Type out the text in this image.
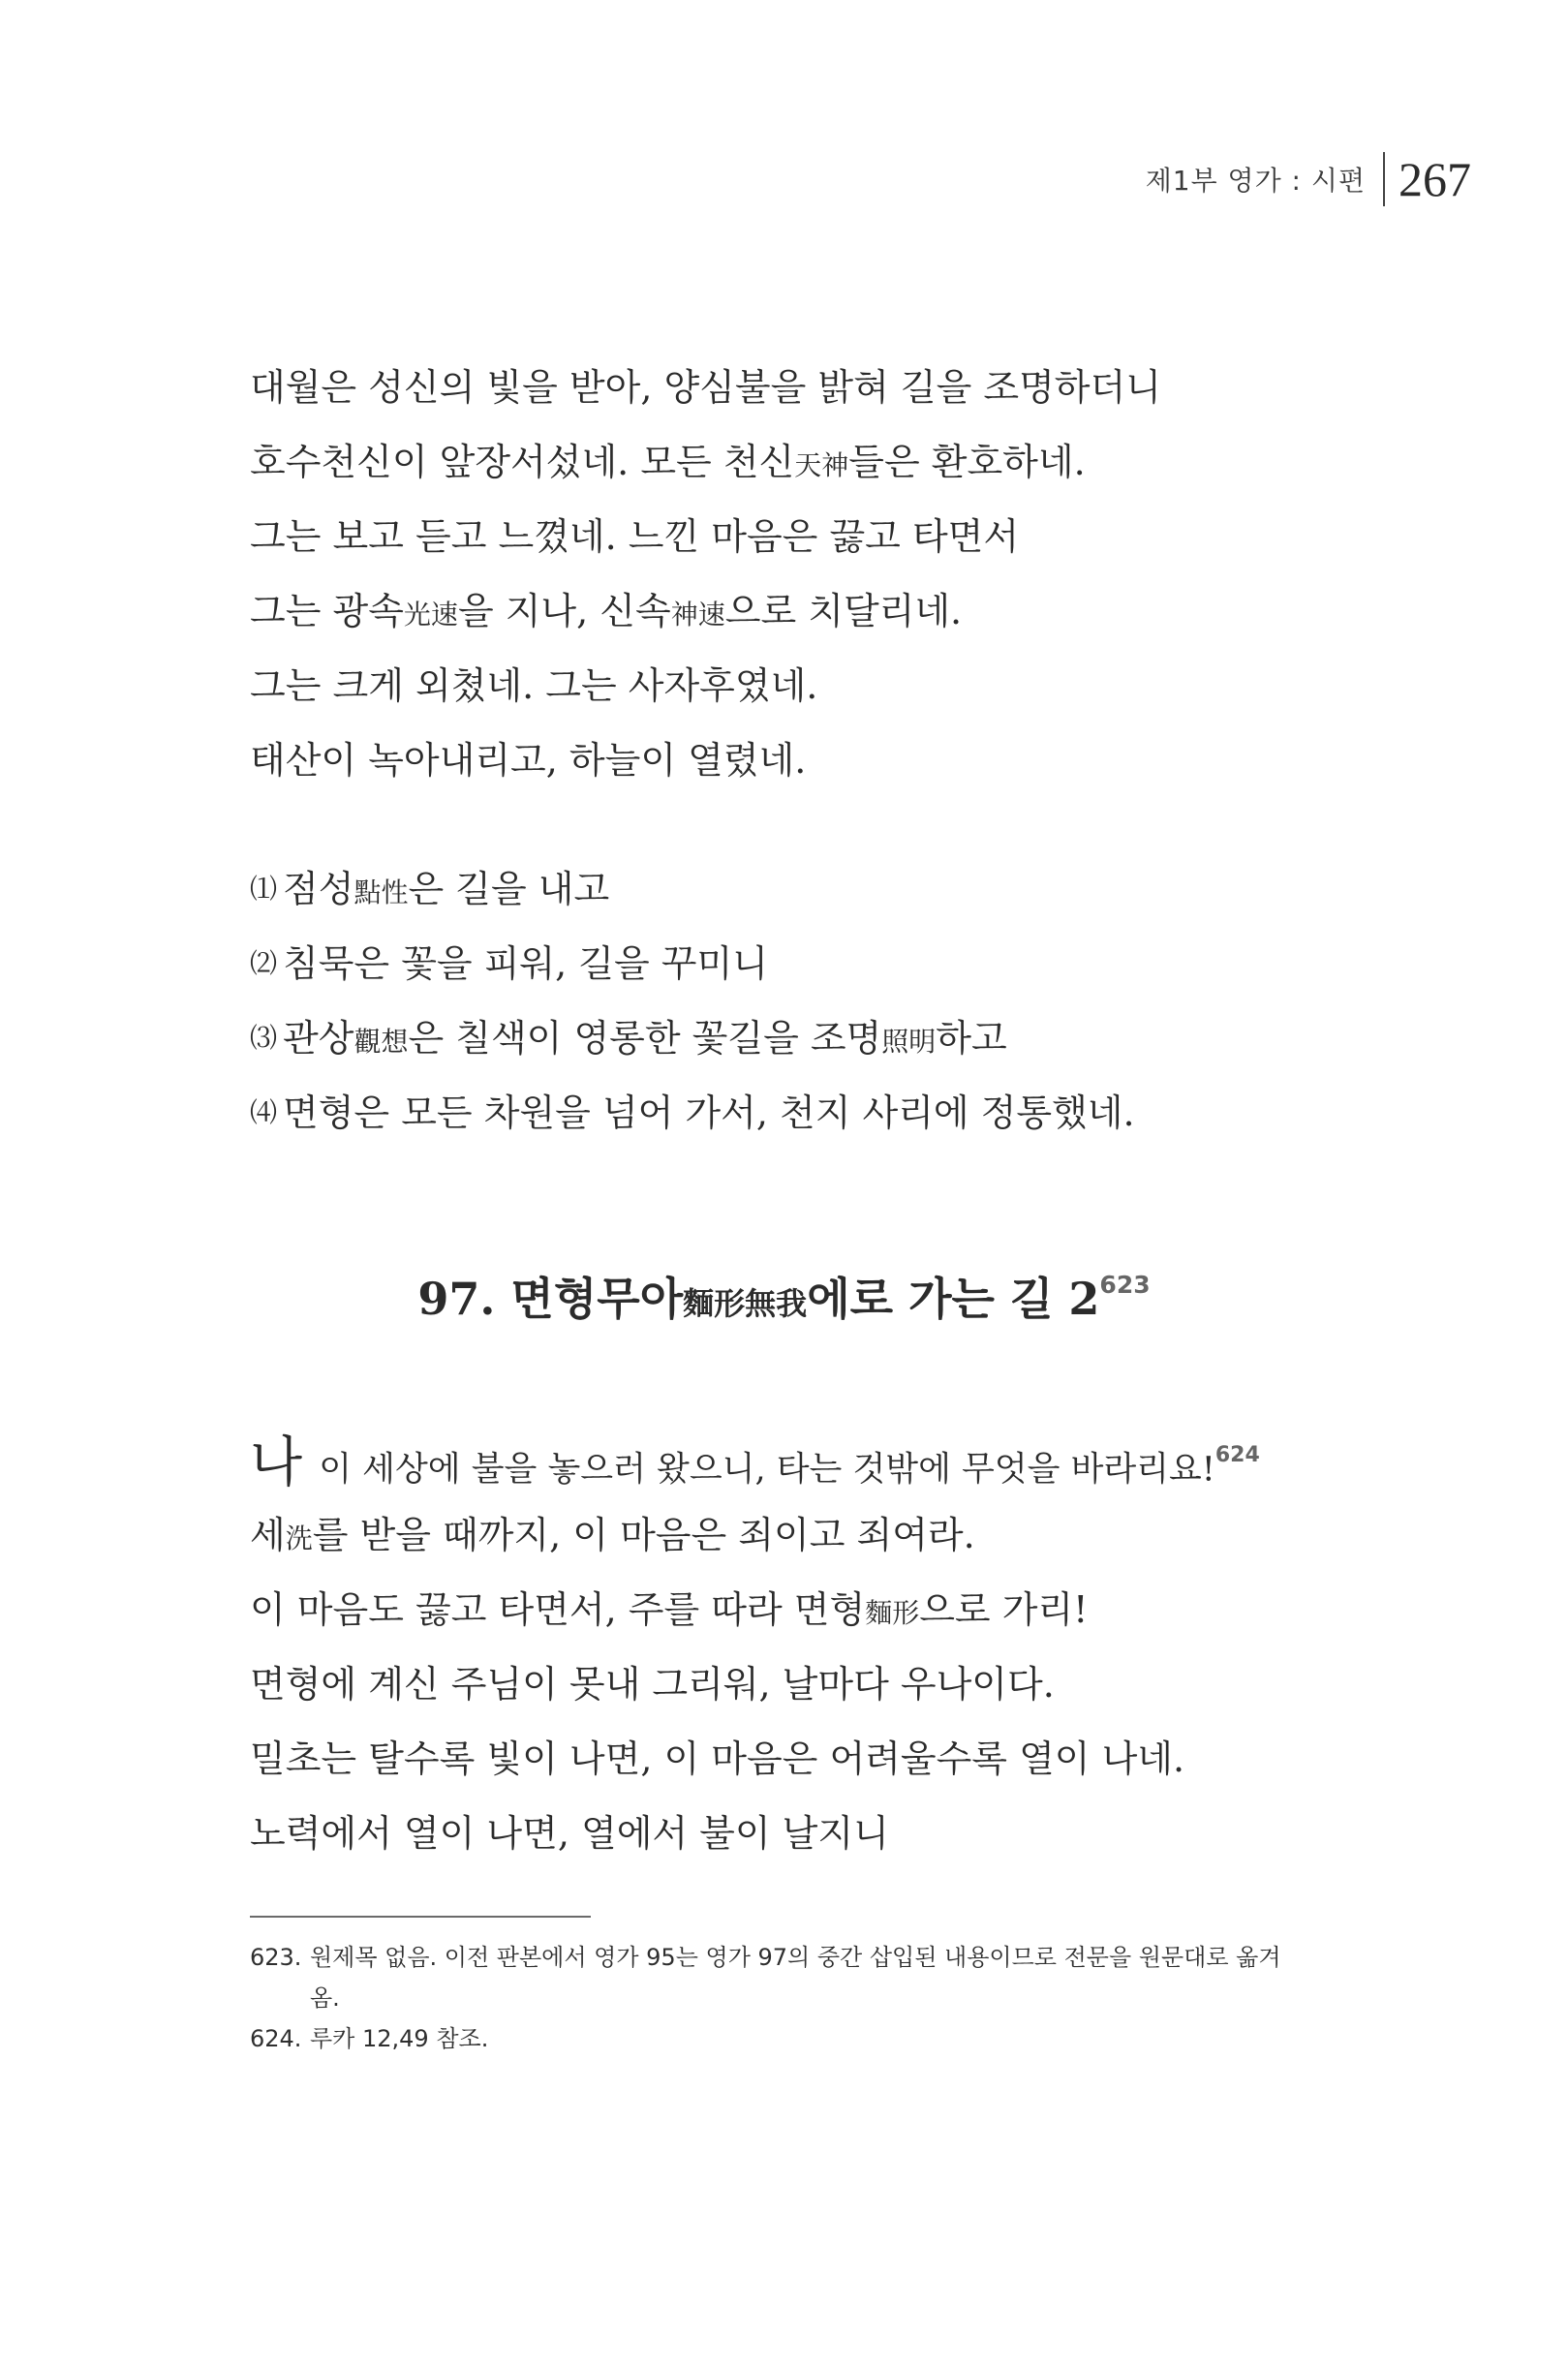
제1부 영가 : 시편 267
대월은 성신의 빛을 받아, 양심불을 밝혀 길을 조명하더니
호수천신이 앞장서섰네. 모든 천신天神들은 환호하네.
그는 보고 듣고 느꼈네. 느낀 마음은 끓고 타면서
그는 광속光速을 지나, 신속神速으로 치달리네.
그는 크게 외쳤네. 그는 사자후였네.
태산이 녹아내리고, 하늘이 열렸네.
⑴ 점성點性은 길을 내고
⑵ 침묵은 꽃을 피워, 길을 꾸미니
⑶ 관상觀想은 칠색이 영롱한 꽃길을 조명照明하고
⑷ 면형은 모든 차원을 넘어 가서, 천지 사리에 정통했네.
97. 면형무아麵形無我에로 가는 길 $2^{623}$
나 이 세상에 불을 놓으러 왔으니, 타는 것밖에 무엇을 바라리요!$^{624}$
세洗를 받을 때까지, 이 마음은 죄이고 죄여라.
이 마음도 끓고 타면서, 주를 따라 면형麵形으로 가리!
면형에 계신 주님이 못내 그리워, 날마다 우나이다.
밀초는 탈수록 빛이 나면, 이 마음은 어려울수록 열이 나네.
노력에서 열이 나면, 열에서 불이 날지니
623. 원제목 없음. 이전 판본에서 영가 95는 영가 97의 중간 삽입된 내용이므로 전문을 원문대로 옮겨 옴.
624. 루카 12,49 참조.
